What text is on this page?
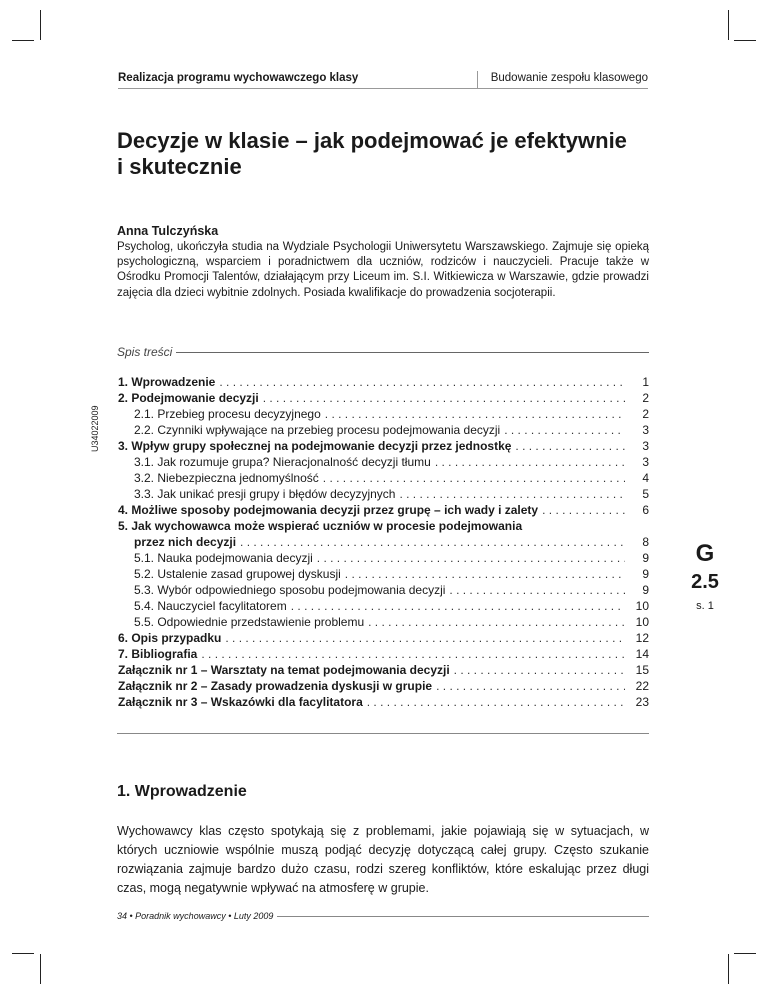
Realizacja programu wychowawczego klasy	Budowanie zespołu klasowego
Decyzje w klasie – jak podejmować je efektywnie
i skutecznie
Anna Tulczyńska
Psycholog, ukończyła studia na Wydziale Psychologii Uniwersytetu Warszawskiego. Zajmuje się opieką psychologiczną, wsparciem i poradnictwem dla uczniów, rodziców i nauczycieli. Pracuje także w Ośrodku Promocji Talentów, działającym przy Liceum im. S.I. Witkiewicza w Warszawie, gdzie prowadzi zajęcia dla dzieci wybitnie zdolnych. Posiada kwalifikacje do prowadzenia socjoterapii.
Spis treści
U34022009
1. Wprowadzenie . . .	1
2. Podejmowanie decyzji . . .	2
2.1. Przebieg procesu decyzyjnego . . .	2
2.2. Czynniki wpływające na przebieg procesu podejmowania decyzji . . .	3
3. Wpływ grupy społecznej na podejmowanie decyzji przez jednostkę . . .	3
3.1. Jak rozumuje grupa? Nieracjonalność decyzji tłumu . . .	3
3.2. Niebezpieczna jednomyślność . . .	4
3.3. Jak unikać presji grupy i błędów decyzyjnych . . .	5
4. Możliwe sposoby podejmowania decyzji przez grupę – ich wady i zalety . . .	6
5. Jak wychowawca może wspierać uczniów w procesie podejmowania
przez nich decyzji . . .	8
5.1. Nauka podejmowania decyzji . . .	9
5.2. Ustalenie zasad grupowej dyskusji . . .	9
5.3. Wybór odpowiedniego sposobu podejmowania decyzji . . .	9
5.4. Nauczyciel facylitatorem . . .	10
5.5. Odpowiednie przedstawienie problemu . . .	10
6. Opis przypadku . . .	12
7. Bibliografia . . .	14
Załącznik nr 1 – Warsztaty na temat podejmowania decyzji . . .	15
Załącznik nr 2 – Zasady prowadzenia dyskusji w grupie . . .	22
Załącznik nr 3 – Wskazówki dla facylitatora . . .	23
G
2.5
s. 1
1. Wprowadzenie
Wychowawcy klas często spotykają się z problemami, jakie pojawiają się w sytuacjach, w których uczniowie wspólnie muszą podjąć decyzję dotyczącą całej grupy. Często szukanie rozwiązania zajmuje bardzo dużo czasu, rodzi szereg konfliktów, które eskalując przez długi czas, mogą negatywnie wpływać na atmosferę w grupie.
34 • Poradnik wychowawcy • Luty 2009
